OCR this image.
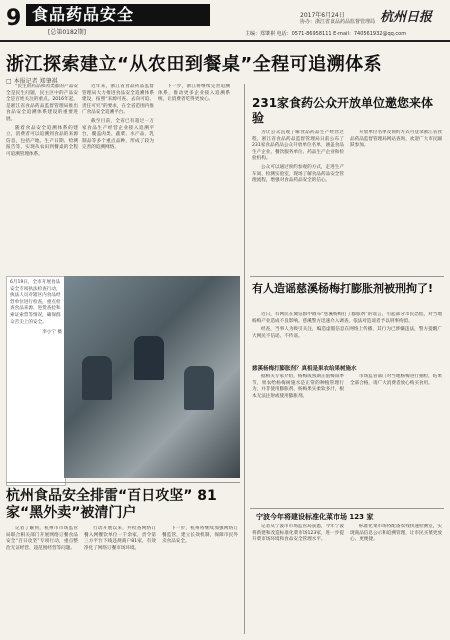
9 食品药品安全
[总第0182期]
2017年6月24日
协办：浙江省食品药品监督管理局 杭州日报
主编：郑肇祺 电话：0571-86958111 E-mail：740561932@qq.com
浙江探索建立“从农田到餐桌”全程可追溯体系
□ 本报记者 郑肇祺

“民生的药品和肉类都的产品安全是民生问题，民主区中的产品安全是百姓关注的重点。2016年起，是浙江省食品药品监督管理局推出食品安全追溯体系建设的重要进展。

随着食品安全追溯体系的建立，消费者可以追溯到食品的来源信息，包括产地、生产日期、检测报告等，实现从农田到餐桌的全程可追溯管理体系。

近年来，浙江省食品药品监督管理局大力推进食品安全追溯体系建设，按照“来源可查、去向可追、责任可究”的要求，在全省范围内推广食品安全追溯平台。

截至目前，全省已有超过一万家食品生产经营企业接入追溯平台，覆盖肉类、蔬菜、水产品、乳制品等多个重点品种，形成了较为完善的追溯网络。

下一步，浙江将继续完善追溯体系，推动更多企业接入追溯系统，让消费者吃得更放心。

6月19日，全市开展食品安全专项执法检查行动，执法人员对辖区内食品经营单位进行检查，重点检查食品来源、进货查验和索证索票等情况，确保群众舌尖上的安全。
李小宁 摄
231家食药公众开放单位邀您来体验

为让公众直观了解食品药品生产经营过程，浙江省食品药品监督管理局日前公布了231家食品药品公众开放单位名单，涵盖食品生产企业、餐饮服务单位、药品生产企业和检验机构。

公众可以通过预约参观的方式，走进生产车间、检测实验室，现场了解食品药品安全管理流程，增强对食品药品安全的信心。

开放单位名单及预约方式可登录浙江省食品药品监督管理局网站查询，欢迎广大市民踊跃参加。

有人造谣慈溪杨梅打膨胀剂被刑拘了!

近日，有网民在微信群中散布“慈溪杨梅打了膨胀剂”的谣言，引起部分市民恐慌，对当地杨梅产业造成不良影响。慈溪警方迅速介入调查，依法对造谣者予以刑事拘留。

经查，当事人为吸引关注，编造虚假信息在网络上传播，其行为已涉嫌违法，警方提醒广大网民不信谣、不传谣。

慈溪杨梅打膨胀剂？真相是果农给果树施水

据相关专家介绍，杨梅成熟期正值梅雨季节，果农给杨梅树施水是正常的种植管理行为，并非使用膨胀剂。杨梅果实柔软多汁，根本无法注射或使用膨胀剂。

市场监管部门对当地杨梅进行抽检，结果全部合格，请广大消费者放心购买食用。

宁波今年将建设标准化菜市场 123 家

记者从宁波市市场监管局获悉，今年宁波将新建和改造标准化菜市场123家，进一步提升菜市场环境和食品安全管理水平。

标准化菜市场将配备农残快速检测室，实现商品信息公示和追溯管理，让市民买菜更放心、更便捷。

杭州食品安全排雷“百日攻坚” 81家“黑外卖”被清门户

记者了解到，杭州市市场监管局联合相关部门开展网络订餐食品安全“百日攻坚”专项行动，重点整治无证经营、超范围经营等问题。

行动开展以来，共检查网络订餐入网餐饮单位一千余家，责令第三方平台下线违规商户81家，有效净化了网络订餐市场环境。

下一步，杭州将继续加强网络订餐监管，建立长效机制，保障市民外卖食品安全。
